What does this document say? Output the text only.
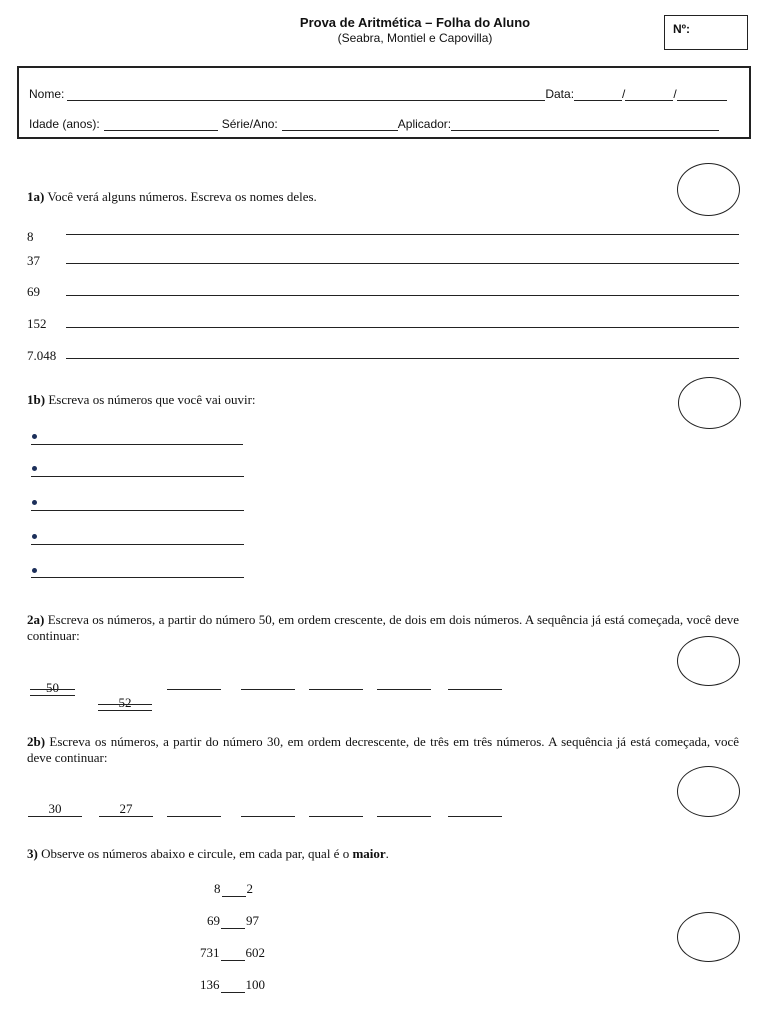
Prova de Aritmética – Folha do Aluno
(Seabra, Montiel e Capovilla)
Nº:
Nome:	Data:	/	/
Idade (anos):	Série/Ano:	Aplicador:
1a) Você verá alguns números. Escreva os nomes deles.
8
37
69
152
7.048
1b) Escreva os números que você vai ouvir:
2a) Escreva os números, a partir do número 50, em ordem crescente, de dois em dois números. A sequência já está começada, você deve continuar:
50
52
2b) Escreva os números, a partir do número 30, em ordem decrescente, de três em três números. A sequência já está começada, você deve continuar:
30	27
3) Observe os números abaixo e circule, em cada par, qual é o maior.
8 2
69 97
731 602
136 100
